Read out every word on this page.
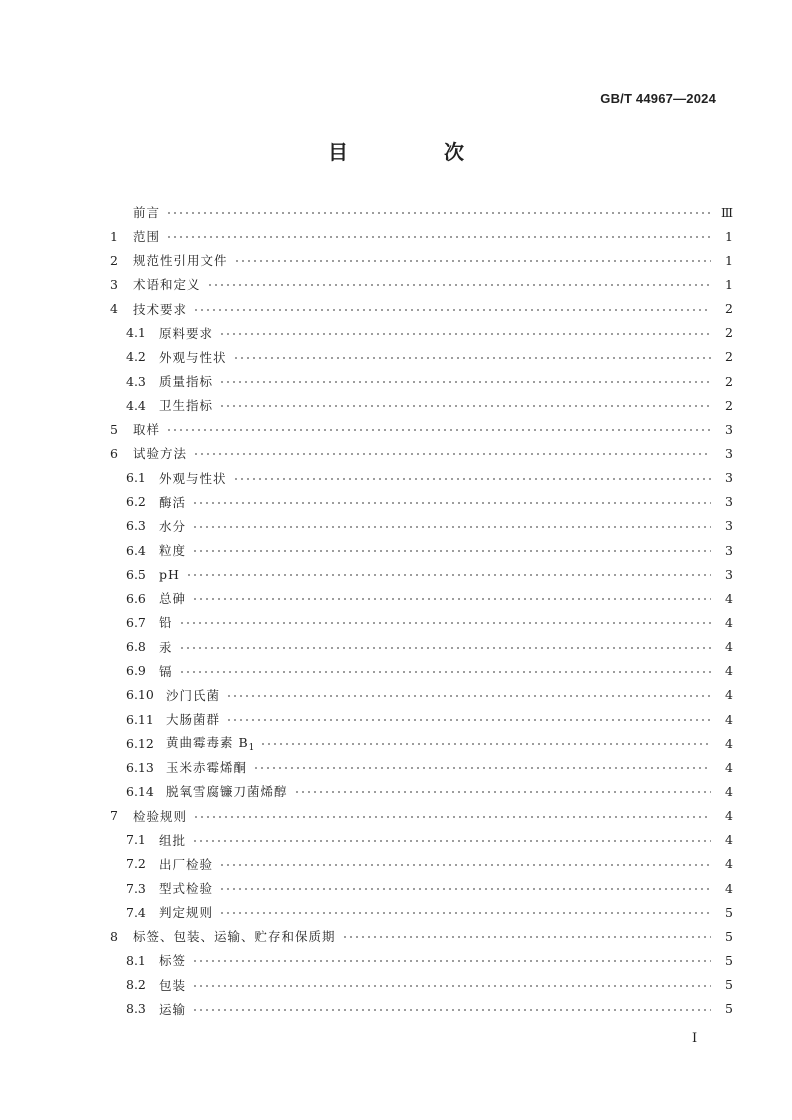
GB/T 44967—2024
目　次
前言	Ⅲ
1	范围	1
2	规范性引用文件	1
3	术语和定义	1
4	技术要求	2
4.1	原料要求	2
4.2	外观与性状	2
4.3	质量指标	2
4.4	卫生指标	2
5	取样	3
6	试验方法	3
6.1	外观与性状	3
6.2	酶活	3
6.3	水分	3
6.4	粒度	3
6.5	pH	3
6.6	总砷	4
6.7	铅	4
6.8	汞	4
6.9	镉	4
6.10 沙门氏菌	4
6.11 大肠菌群	4
6.12 黄曲霉毒素 $B_1$	4
6.13 玉米赤霉烯酮	4
6.14 脱氧雪腐镰刀菌烯醇	4
7	检验规则	4
7.1	组批	4
7.2	出厂检验	4
7.3	型式检验	4
7.4	判定规则	5
8	标签、包装、运输、贮存和保质期	5
8.1	标签	5
8.2	包装	5
8.3	运输	5
I
